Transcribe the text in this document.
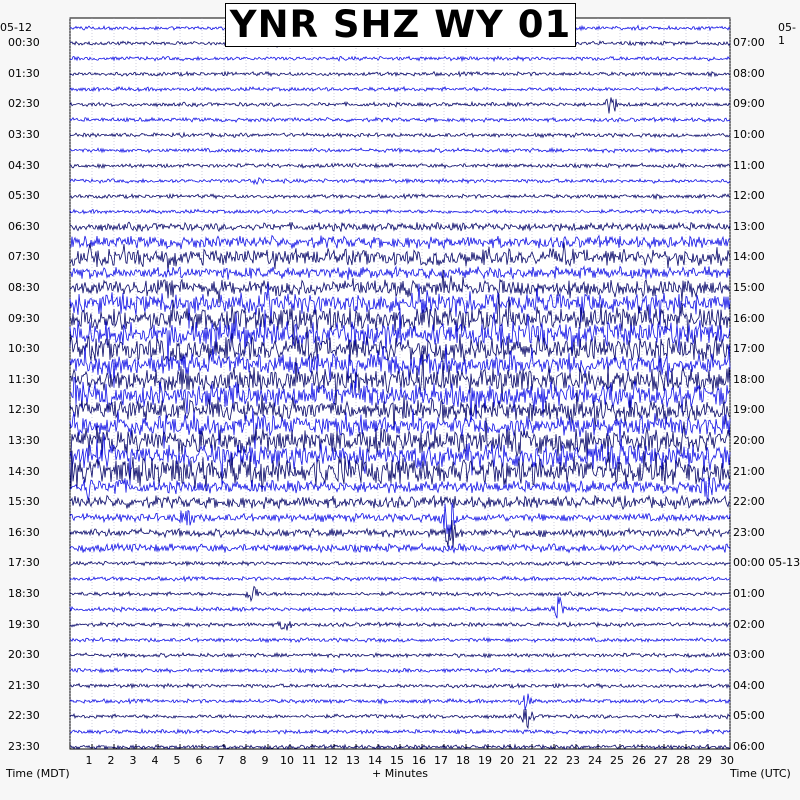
YNR SHZ WY 01
05-12	05-1
00:30
01:30
02:30
03:30
04:30
05:30
06:30
07:30
08:30
09:30
10:30
11:30
12:30
13:30
14:30
15:30
16:30
17:30
18:30
19:30
20:30
21:30
22:30
23:30
07:00
08:00
09:00
10:00
11:00
12:00
13:00
14:00
15:00
16:00
17:00
18:00
19:00
20:00
21:00
22:00
23:00
00:00 05-13
01:00
02:00
03:00
04:00
05:00
06:00
1 2 3 4 5 6 7 8 9 10 11 12 13 14 15 16 17 18 19 20 21 22 23 24 25 26 27 28 29 30
Time (MDT)	+ Minutes	Time (UTC)
